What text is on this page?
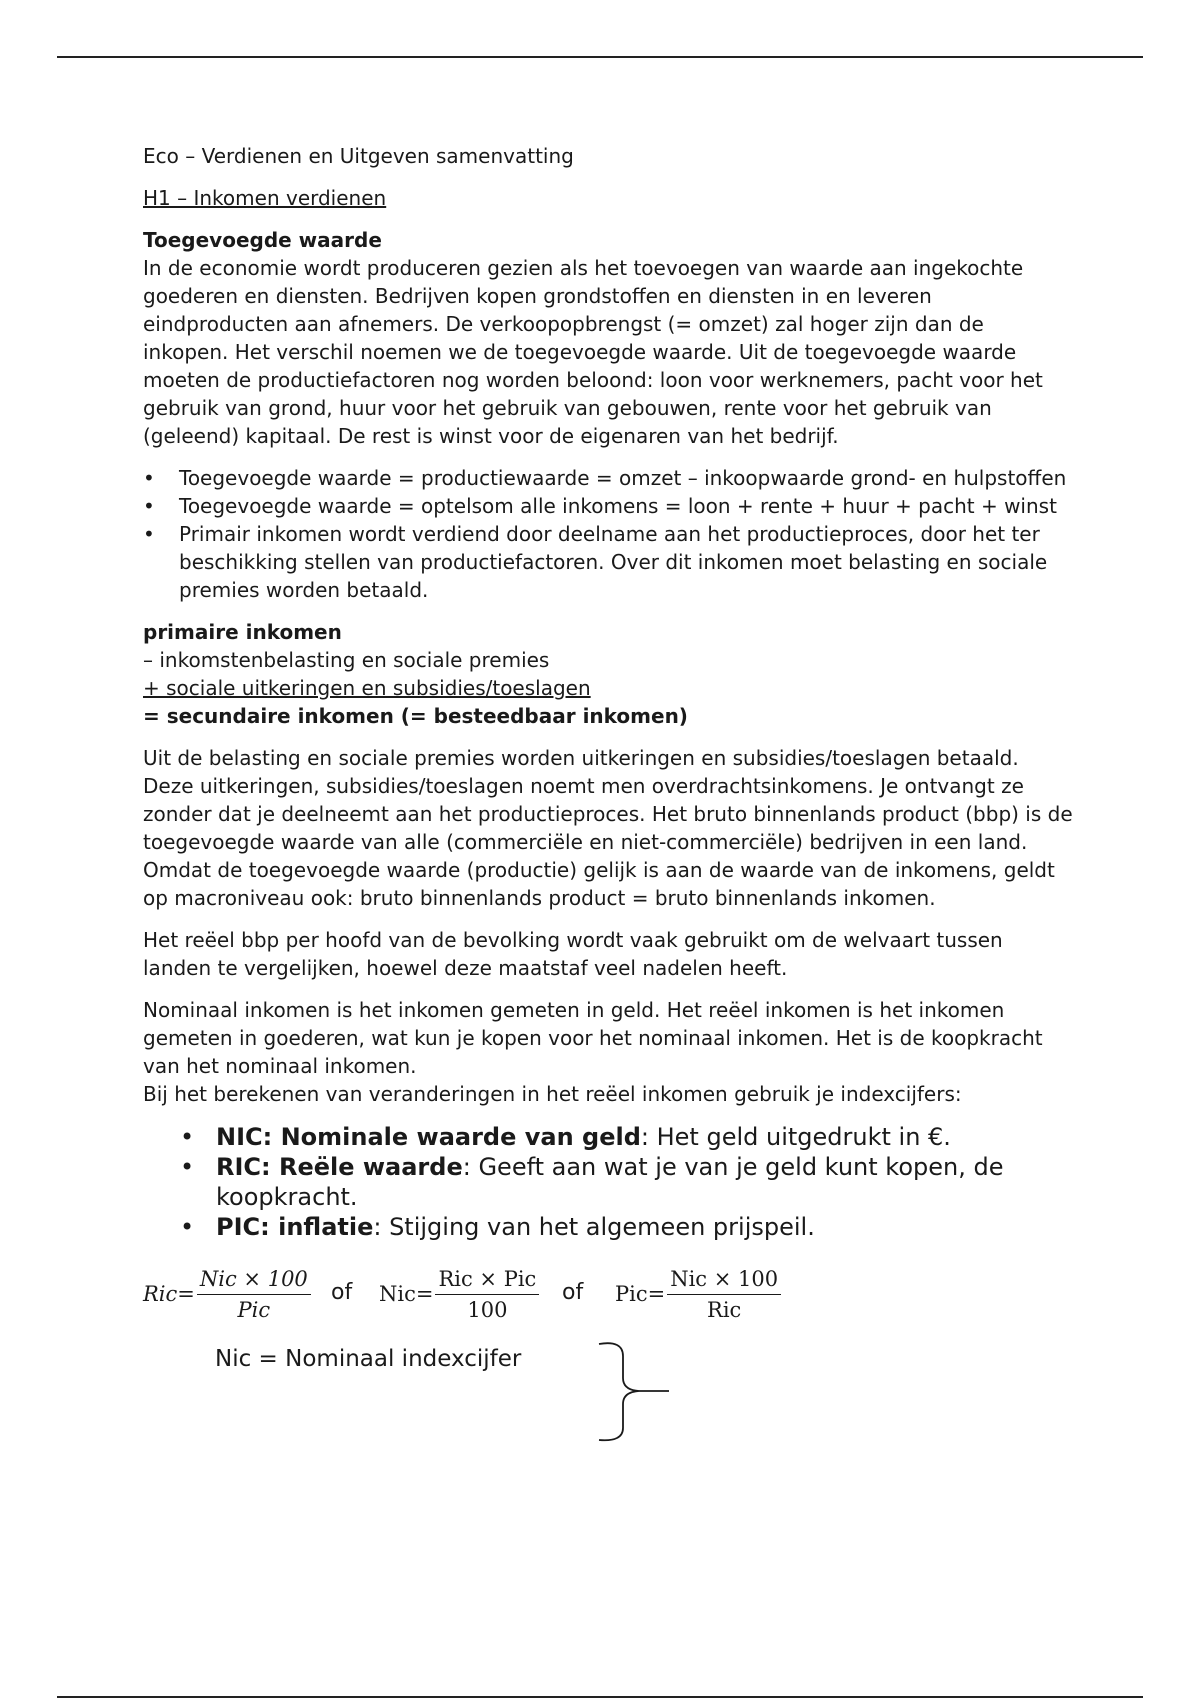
Eco – Verdienen en Uitgeven samenvatting

H1 – Inkomen verdienen

Toegevoegde waarde

In de economie wordt produceren gezien als het toevoegen van waarde aan ingekochte goederen en diensten. Bedrijven kopen grondstoffen en diensten in en leveren eindproducten aan afnemers. De verkoopopbrengst (= omzet) zal hoger zijn dan de inkopen. Het verschil noemen we de toegevoegde waarde. Uit de toegevoegde waarde moeten de productiefactoren nog worden beloond: loon voor werknemers, pacht voor het gebruik van grond, huur voor het gebruik van gebouwen, rente voor het gebruik van (geleend) kapitaal. De rest is winst voor de eigenaren van het bedrijf.

• Toegevoegde waarde = productiewaarde = omzet – inkoopwaarde grond- en hulpstoffen
• Toegevoegde waarde = optelsom alle inkomens = loon + rente + huur + pacht + winst
• Primair inkomen wordt verdiend door deelname aan het productieproces, door het ter beschikking stellen van productiefactoren. Over dit inkomen moet belasting en sociale premies worden betaald.

primaire inkomen

– inkomstenbelasting en sociale premies

+ sociale uitkeringen en subsidies/toeslagen

= secundaire inkomen (= besteedbaar inkomen)

Uit de belasting en sociale premies worden uitkeringen en subsidies/toeslagen betaald. Deze uitkeringen, subsidies/toeslagen noemt men overdrachtsinkomens. Je ontvangt ze zonder dat je deelneemt aan het productieproces. Het bruto binnenlands product (bbp) is de toegevoegde waarde van alle (commerciële en niet-commerciële) bedrijven in een land. Omdat de toegevoegde waarde (productie) gelijk is aan de waarde van de inkomens, geldt op macroniveau ook: bruto binnenlands product = bruto binnenlands inkomen.

Het reëel bbp per hoofd van de bevolking wordt vaak gebruikt om de welvaart tussen landen te vergelijken, hoewel deze maatstaf veel nadelen heeft.

Nominaal inkomen is het inkomen gemeten in geld. Het reëel inkomen is het inkomen gemeten in goederen, wat kun je kopen voor het nominaal inkomen. Het is de koopkracht van het nominaal inkomen.

Bij het berekenen van veranderingen in het reëel inkomen gebruik je indexcijfers:

• NIC: Nominale waarde van geld: Het geld uitgedrukt in €.
• RIC: Reële waarde: Geeft aan wat je van je geld kunt kopen, de koopkracht.
• PIC: inflatie: Stijging van het algemeen prijspeil.
Ric = $\frac{\text{Nic × 100}}{\text{Pic}}$ of Nic = $\frac{\text{Ric × Pic}}{100}$ of Pic = $\frac{\text{Nic × 100}}{\text{Ric}}$
Nic = Nominaal indexcijfer
